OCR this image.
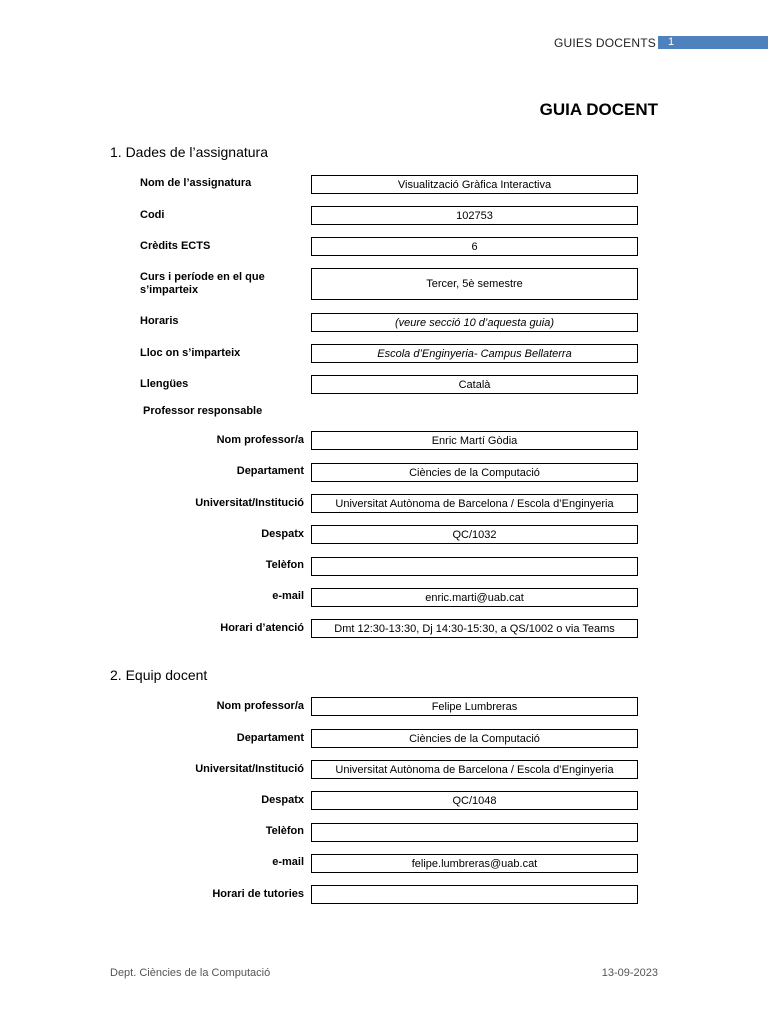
GUIES DOCENTS 1
GUIA DOCENT
1. Dades de l’assignatura
Nom de l’assignatura	Visualització Gràfica Interactiva
Codi	102753
Crèdits ECTS	6
Curs i període en el que s’imparteix	Tercer, 5è semestre
Horaris	(veure secció 10 d’aquesta guia)
Lloc on s’imparteix	Escola d’Enginyeria- Campus Bellaterra
Llengües	Català
Professor responsable
Nom professor/a	Enric Martí Gòdia
Departament	Ciències de la Computació
Universitat/Institució	Universitat Autònoma de Barcelona / Escola d’Enginyeria
Despatx	QC/1032
Telèfon
e-mail	enric.marti@uab.cat
Horari d’atenció	Dmt 12:30-13:30, Dj 14:30-15:30, a QS/1002 o via Teams
2. Equip docent
Nom professor/a	Felipe Lumbreras
Departament	Ciències de la Computació
Universitat/Institució	Universitat Autònoma de Barcelona / Escola d’Enginyeria
Despatx	QC/1048
Telèfon
e-mail	felipe.lumbreras@uab.cat
Horari de tutories
Dept. Ciències de la Computació	13-09-2023
